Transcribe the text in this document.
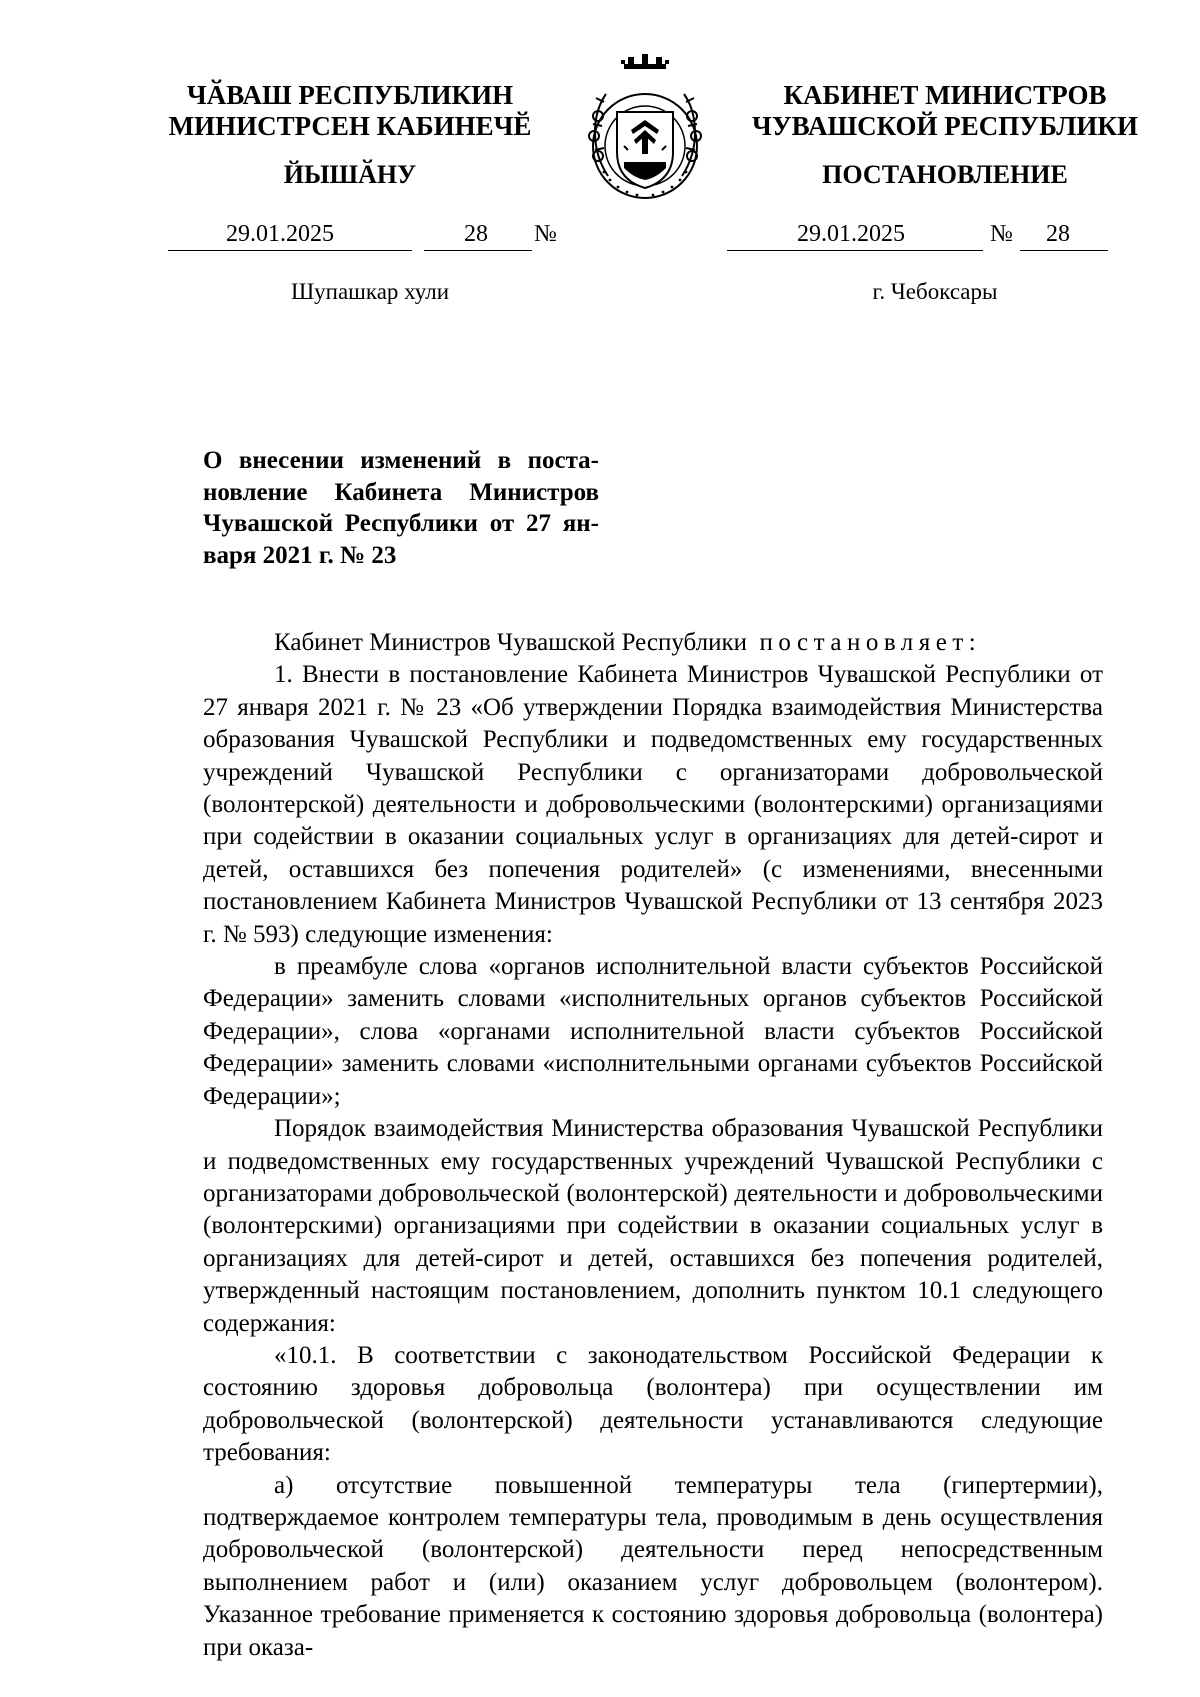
ЧӐВАШ РЕСПУБЛИКИН
МИНИСТРСЕН КАБИНЕЧӖ
ЙЫШӐНУ
КАБИНЕТ МИНИСТРОВ
ЧУВАШСКОЙ РЕСПУБЛИКИ
ПОСТАНОВЛЕНИЕ
29.01.2025	28 №	29.01.2025	№ 28
Шупашкар хули	г. Чебоксары
О внесении изменений в поста-
новление Кабинета Министров
Чувашской Республики от 27 ян-
варя 2021 г. № 23

Кабинет Министров Чувашской Республики постановляет:

1. Внести в постановление Кабинета Министров Чувашской Республики от 27 января 2021 г. № 23 «Об утверждении Порядка взаимодействия Министерства образования Чувашской Республики и подведомственных ему государственных учреждений Чувашской Республики с организаторами добровольческой (волонтерской) деятельности и добровольческими (волонтерскими) организациями при содействии в оказании социальных услуг в организациях для детей-сирот и детей, оставшихся без попечения родителей» (с изменениями, внесенными постановлением Кабинета Министров Чувашской Республики от 13 сентября 2023 г. № 593) следующие изменения:

в преамбуле слова «органов исполнительной власти субъектов Российской Федерации» заменить словами «исполнительных органов субъектов Российской Федерации», слова «органами исполнительной власти субъектов Российской Федерации» заменить словами «исполнительными органами субъектов Российской Федерации»;

Порядок взаимодействия Министерства образования Чувашской Республики и подведомственных ему государственных учреждений Чувашской Республики с организаторами добровольческой (волонтерской) деятельности и добровольческими (волонтерскими) организациями при содействии в оказании социальных услуг в организациях для детей-сирот и детей, оставшихся без попечения родителей, утвержденный настоящим постановлением, дополнить пунктом 10.1 следующего содержания:

«10.1. В соответствии с законодательством Российской Федерации к состоянию здоровья добровольца (волонтера) при осуществлении им добровольческой (волонтерской) деятельности устанавливаются следующие требования:

а) отсутствие повышенной температуры тела (гипертермии), подтверждаемое контролем температуры тела, проводимым в день осуществления добровольческой (волонтерской) деятельности перед непосредственным выполнением работ и (или) оказанием услуг добровольцем (волонтером). Указанное требование применяется к состоянию здоровья добровольца (волонтера) при оказа-
